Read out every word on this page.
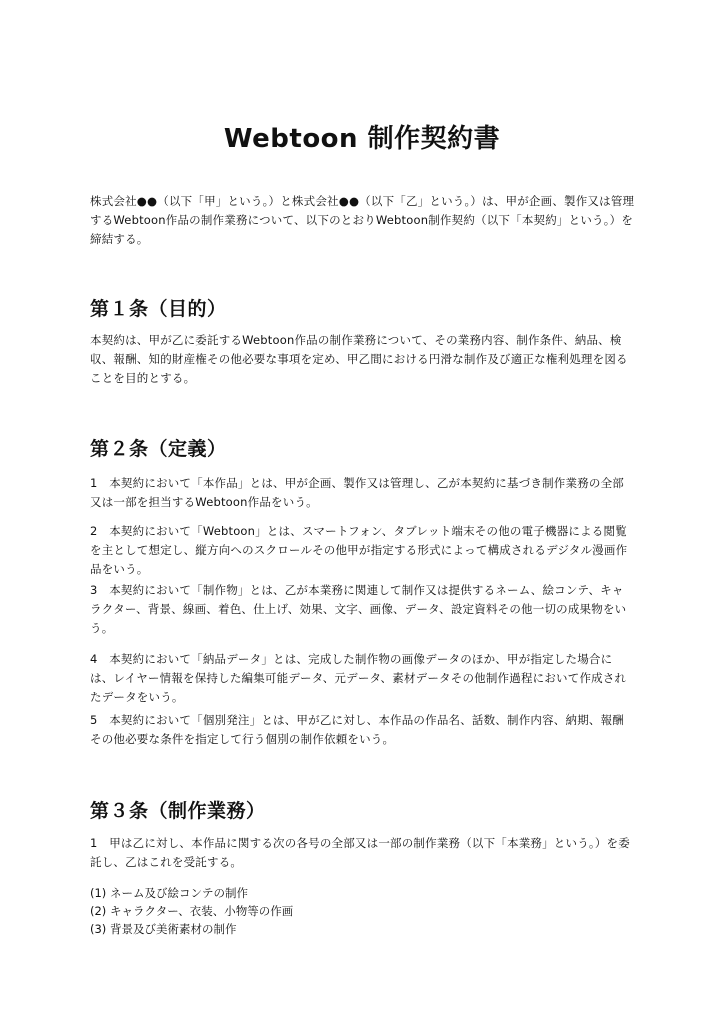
Webtoon 制作契約書
株式会社●●（以下「甲」という。）と株式会社●●（以下「乙」という。）は、甲が企画、製作又は管理するWebtoon作品の制作業務について、以下のとおりWebtoon制作契約（以下「本契約」という。）を締結する。
第１条（目的）
本契約は、甲が乙に委託するWebtoon作品の制作業務について、その業務内容、制作条件、納品、検収、報酬、知的財産権その他必要な事項を定め、甲乙間における円滑な制作及び適正な権利処理を図ることを目的とする。
第２条（定義）
1　本契約において「本作品」とは、甲が企画、製作又は管理し、乙が本契約に基づき制作業務の全部又は一部を担当するWebtoon作品をいう。
2　本契約において「Webtoon」とは、スマートフォン、タブレット端末その他の電子機器による閲覧を主として想定し、縦方向へのスクロールその他甲が指定する形式によって構成されるデジタル漫画作品をいう。
3　本契約において「制作物」とは、乙が本業務に関連して制作又は提供するネーム、絵コンテ、キャラクター、背景、線画、着色、仕上げ、効果、文字、画像、データ、設定資料その他一切の成果物をいう。
4　本契約において「納品データ」とは、完成した制作物の画像データのほか、甲が指定した場合には、レイヤー情報を保持した編集可能データ、元データ、素材データその他制作過程において作成されたデータをいう。
5　本契約において「個別発注」とは、甲が乙に対し、本作品の作品名、話数、制作内容、納期、報酬その他必要な条件を指定して行う個別の制作依頼をいう。
第３条（制作業務）
1　甲は乙に対し、本作品に関する次の各号の全部又は一部の制作業務（以下「本業務」という。）を委託し、乙はこれを受託する。
(1) ネーム及び絵コンテの制作
(2) キャラクター、衣装、小物等の作画
(3) 背景及び美術素材の制作
